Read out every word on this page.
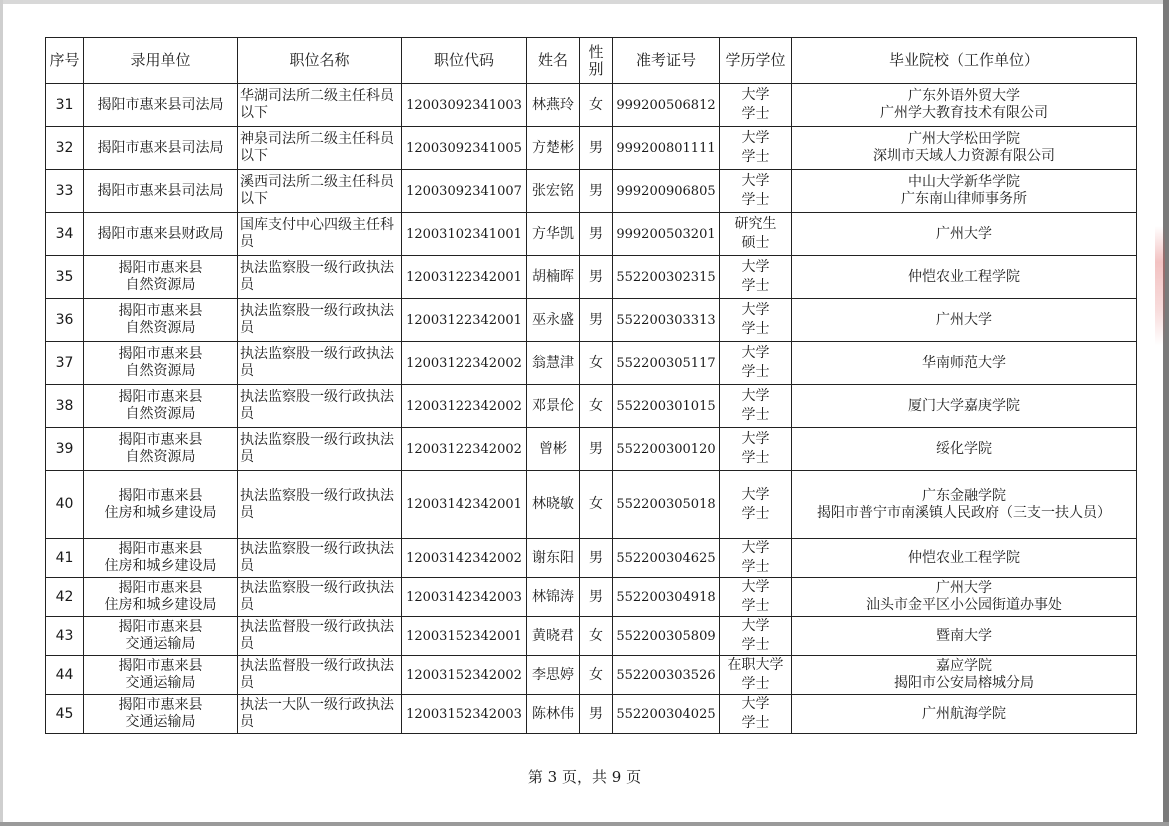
序号	录用单位	职位名称	职位代码	姓名	性别	准考证号	学历学位	毕业院校（工作单位）
31	揭阳市惠来县司法局	华湖司法所二级主任科员以下	12003092341003	林燕玲	女	999200506812	大学
学士	广东外语外贸大学
广州学大教育技术有限公司

32	揭阳市惠来县司法局	神泉司法所二级主任科员以下	12003092341005	方楚彬	男	999200801111	大学
学士	广州大学松田学院
深圳市天域人力资源有限公司

33	揭阳市惠来县司法局	溪西司法所二级主任科员以下	12003092341007	张宏铭	男	999200906805	大学
学士	中山大学新华学院
广东南山律师事务所

34	揭阳市惠来县财政局	国库支付中心四级主任科员	12003102341001	方华凯	男	999200503201	研究生
硕士	广州大学

35	揭阳市惠来县
自然资源局	执法监察股一级行政执法员	12003122342001	胡楠晖	男	552200302315	大学
学士	仲恺农业工程学院

36	揭阳市惠来县
自然资源局	执法监察股一级行政执法员	12003122342001	巫永盛	男	552200303313	大学
学士	广州大学

37	揭阳市惠来县
自然资源局	执法监察股一级行政执法员	12003122342002	翁慧津	女	552200305117	大学
学士	华南师范大学

38	揭阳市惠来县
自然资源局	执法监察股一级行政执法员	12003122342002	邓景伦	女	552200301015	大学
学士	厦门大学嘉庚学院

39	揭阳市惠来县
自然资源局	执法监察股一级行政执法员	12003122342002	曾彬	男	552200300120	大学
学士	绥化学院

40	揭阳市惠来县
住房和城乡建设局	执法监察股一级行政执法员	12003142342001	林晓敏	女	552200305018	大学
学士	广东金融学院
揭阳市普宁市南溪镇人民政府（三支一扶人员）

41	揭阳市惠来县
住房和城乡建设局	执法监察股一级行政执法员	12003142342002	谢东阳	男	552200304625	大学
学士	仲恺农业工程学院

42	揭阳市惠来县
住房和城乡建设局	执法监察股一级行政执法员	12003142342003	林锦涛	男	552200304918	大学
学士	广州大学
汕头市金平区小公园街道办事处

43	揭阳市惠来县
交通运输局	执法监督股一级行政执法员	12003152342001	黄晓君	女	552200305809	大学
学士	暨南大学

44	揭阳市惠来县
交通运输局	执法监督股一级行政执法员	12003152342002	李思婷	女	552200303526	在职大学
学士	嘉应学院
揭阳市公安局榕城分局

45	揭阳市惠来县
交通运输局	执法一大队一级行政执法员	12003152342003	陈林伟	男	552200304025	大学
学士	广州航海学院
第 3 页，共 9 页
